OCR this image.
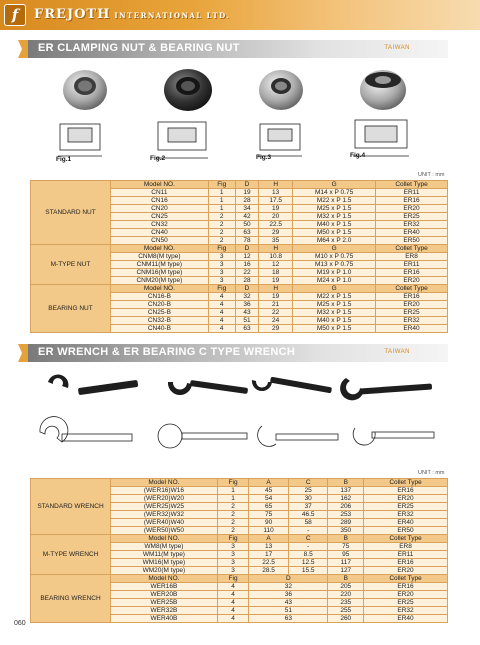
f	FREJOTH INTERNATIONAL LTD.
ER CLAMPING NUT & BEARING NUT	TAIWAN
Fig.1	Fig.2	Fig.3	Fig.4
UNIT : mm
STANDARD NUT	Model NO.	Fig	D	H	G	Collet Type
	CN11	1	19	13	M14 x P 0.75	ER11
	CN16	1	28	17.5	M22 x P 1.5	ER16
	CN20	1	34	19	M25 x P 1.5	ER20
	CN25	2	42	20	M32 x P 1.5	ER25
	CN32	2	50	22.5	M40 x P 1.5	ER32
	CN40	2	63	29	M50 x P 1.5	ER40
	CN50	2	78	35	M64 x P 2.0	ER50
M-TYPE NUT	Model NO.	Fig	D	H	G	Collet Type
	CNM8(M type)	3	12	10.8	M10 x P 0.75	ER8
	CNM11(M type)	3	16	12	M13 x P 0.75	ER11
	CNM16(M type)	3	22	18	M19 x P 1.0	ER16
	CNM20(M type)	3	28	19	M24 x P 1.0	ER20
BEARING NUT	Model NO.	Fig	D	H	G	Collet Type
	CN16-B	4	32	19	M22 x P 1.5	ER16
	CN20-B	4	36	21	M25 x P 1.5	ER20
	CN25-B	4	43	22	M32 x P 1.5	ER25
	CN32-B	4	51	24	M40 x P 1.5	ER32
	CN40-B	4	63	29	M50 x P 1.5	ER40
ER WRENCH & ER BEARING C TYPE WRENCH	TAIWAN
UNIT : mm
STANDARD WRENCH	Model NO.	Fig	A	C	B	Collet Type
	(WER16)W16	1	45	25	137	ER16
	(WER20)W20	1	54	30	162	ER20
	(WER25)W25	2	65	37	206	ER25
	(WER32)W32	2	75	46.5	253	ER32
	(WER40)W40	2	90	58	289	ER40
	(WER50)W50	2	110	-	350	ER50
M-TYPE WRENCH	Model NO.	Fig	A	C	B	Collet Type
	WM8(M type)	3	13	-	75	ER8
	WM11(M type)	3	17	8.5	95	ER11
	WM16(M type)	3	22.5	12.5	117	ER16
	WM20(M type)	3	28.5	15.5	127	ER20
BEARING WRENCH	Model NO.	Fig	D		B	Collet Type
	WER16B	4	32		205	ER16
	WER20B	4	36		220	ER20
	WER25B	4	43		235	ER25
	WER32B	4	51		255	ER32
	WER40B	4	63		260	ER40
060
